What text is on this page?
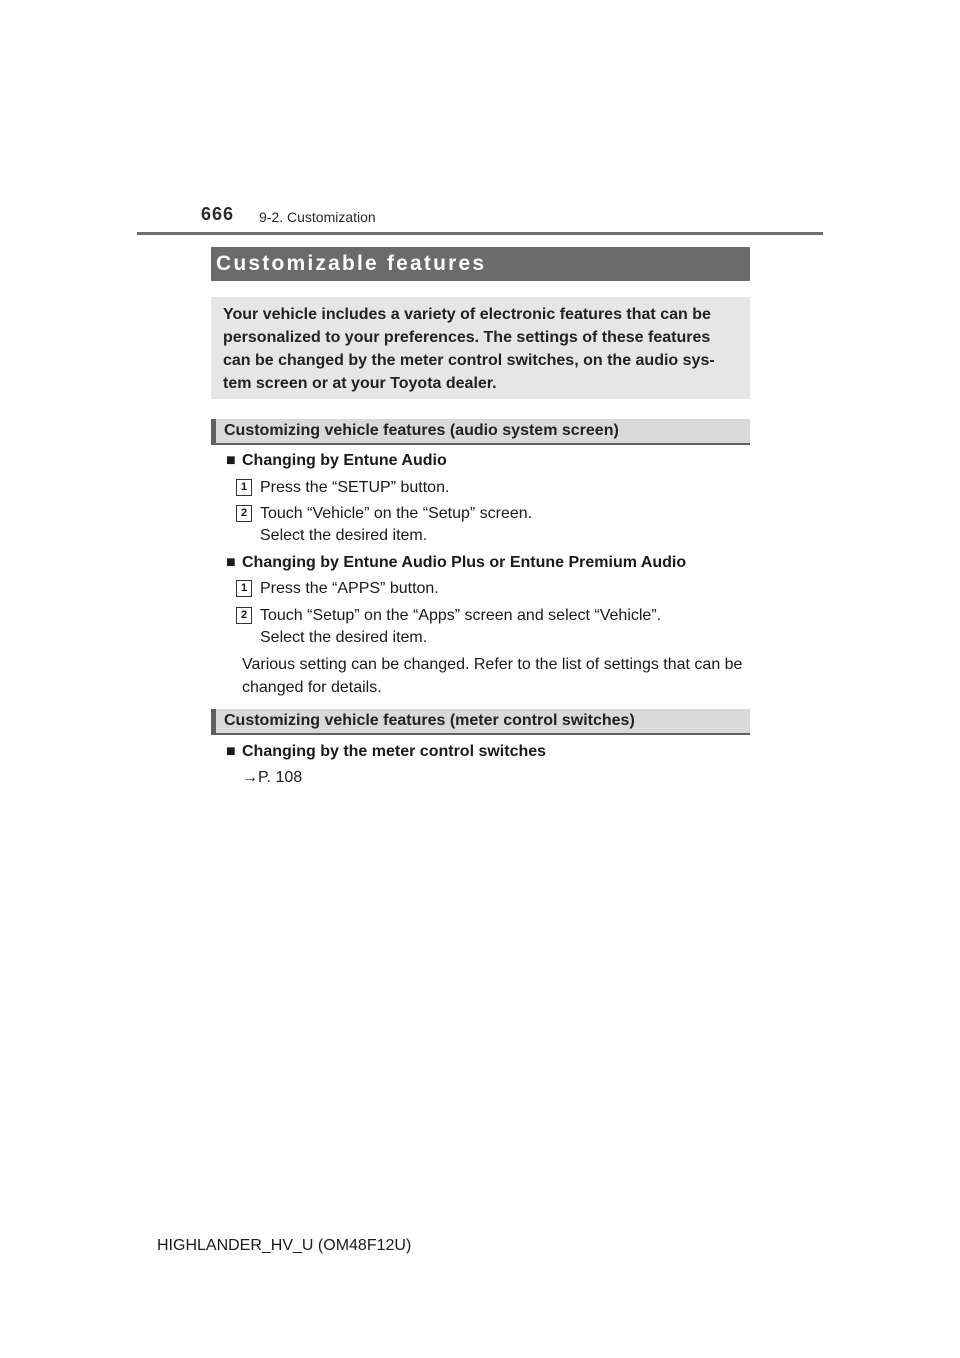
666 9-2. Customization
Customizable features
Your vehicle includes a variety of electronic features that can be personalized to your preferences. The settings of these features can be changed by the meter control switches, on the audio sys- tem screen or at your Toyota dealer.
Customizing vehicle features (audio system screen)
■ Changing by Entune Audio
1 Press the “SETUP” button.
2 Touch “Vehicle” on the “Setup” screen.
Select the desired item.
■ Changing by Entune Audio Plus or Entune Premium Audio
1 Press the “APPS” button.
2 Touch “Setup” on the “Apps” screen and select “Vehicle”.
Select the desired item.
Various setting can be changed. Refer to the list of settings that can be changed for details.
Customizing vehicle features (meter control switches)
■ Changing by the meter control switches
→P. 108
HIGHLANDER_HV_U (OM48F12U)
